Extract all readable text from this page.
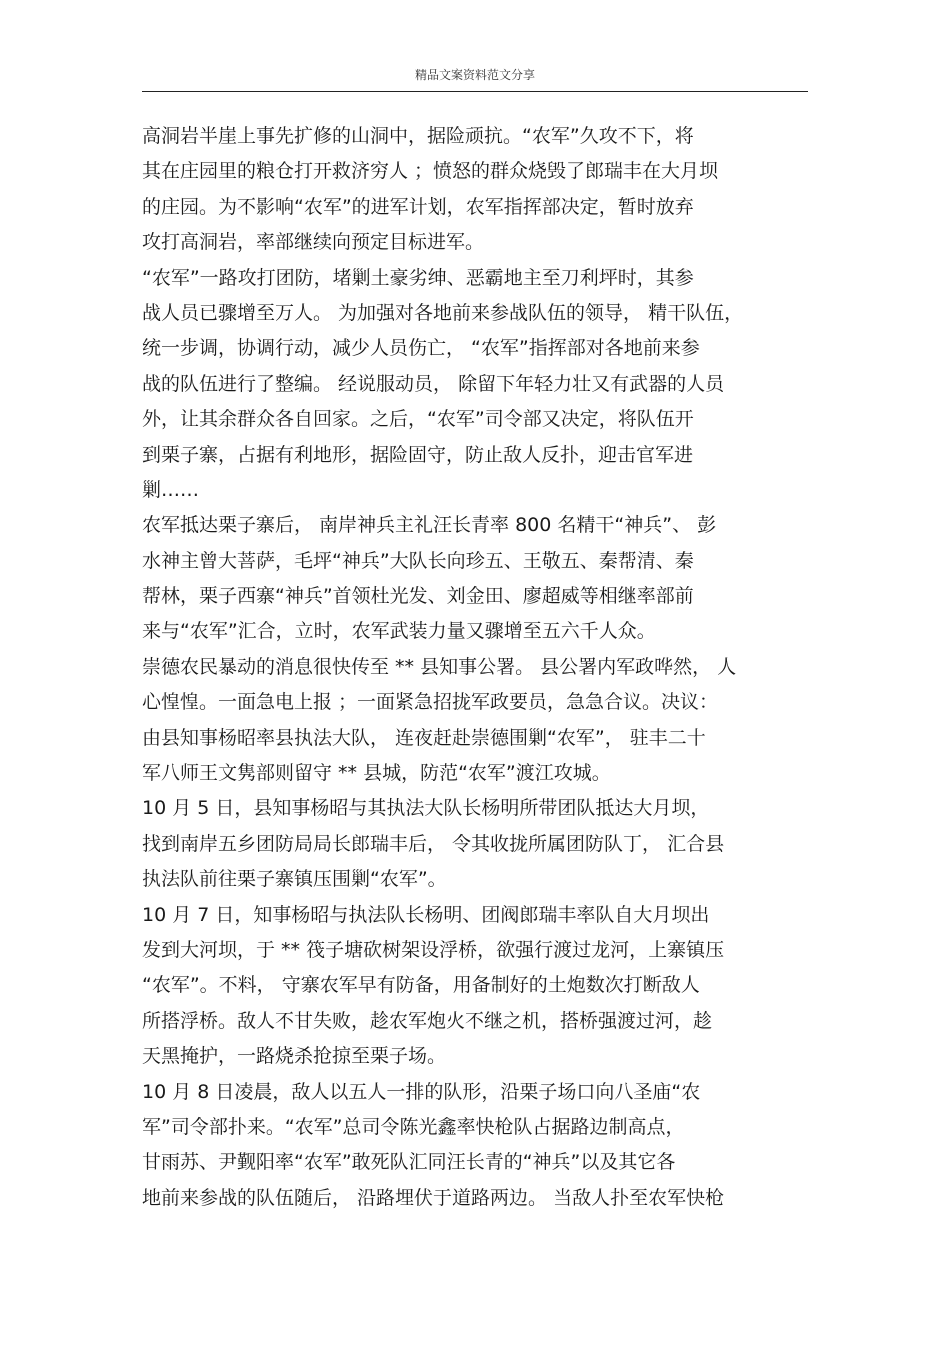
精品文案资料范文分享
高洞岩半崖上事先扩修的山洞中，据险顽抗。“农军”久攻不下，将
其在庄园里的粮仓打开救济穷人 ；愤怒的群众烧毁了郎瑞丰在大月坝
的庄园。为不影响“农军”的进军计划，农军指挥部决定，暂时放弃
攻打高洞岩，率部继续向预定目标进军。
“农军”一路攻打团防，堵剿土豪劣绅、恶霸地主至刀利坪时，其参
战人员已骤增至万人。 为加强对各地前来参战队伍的领导， 精干队伍，
统一步调，协调行动，减少人员伤亡， “农军”指挥部对各地前来参
战的队伍进行了整编。 经说服动员， 除留下年轻力壮又有武器的人员
外，让其余群众各自回家。之后，“农军”司令部又决定，将队伍开
到栗子寨，占据有利地形，据险固守，防止敌人反扑，迎击官军进
剿……
农军抵达栗子寨后， 南岸神兵主礼汪长青率 800 名精干“神兵”、 彭
水神主曾大菩萨，毛坪“神兵”大队长向珍五、王敬五、秦帮清、秦
帮林，栗子西寨“神兵”首领杜光发、刘金田、廖超威等相继率部前
来与“农军”汇合，立时，农军武装力量又骤增至五六千人众。
崇德农民暴动的消息很快传至 ** 县知事公署。 县公署内军政哗然， 人
心惶惶。一面急电上报 ；一面紧急招拢军政要员，急急合议。决议：
由县知事杨昭率县执法大队， 连夜赶赴崇德围剿“农军”， 驻丰二十
军八师王文隽部则留守 ** 县城，防范“农军”渡江攻城。
10 月 5 日，县知事杨昭与其执法大队长杨明所带团队抵达大月坝，
找到南岸五乡团防局局长郎瑞丰后， 令其收拢所属团防队丁， 汇合县
执法队前往栗子寨镇压围剿“农军”。
10 月 7 日，知事杨昭与执法队长杨明、团阀郎瑞丰率队自大月坝出
发到大河坝，于 ** 筏子塘砍树架设浮桥，欲强行渡过龙河，上寨镇压
“农军”。不料， 守寨农军早有防备，用备制好的土炮数次打断敌人
所搭浮桥。敌人不甘失败，趁农军炮火不继之机，搭桥强渡过河，趁
天黑掩护，一路烧杀抢掠至栗子场。
10 月 8 日凌晨，敌人以五人一排的队形，沿栗子场口向八圣庙“农
军”司令部扑来。“农军”总司令陈光鑫率快枪队占据路边制高点，
甘雨苏、尹觐阳率“农军”敢死队汇同汪长青的“神兵”以及其它各
地前来参战的队伍随后， 沿路埋伏于道路两边。 当敌人扑至农军快枪
